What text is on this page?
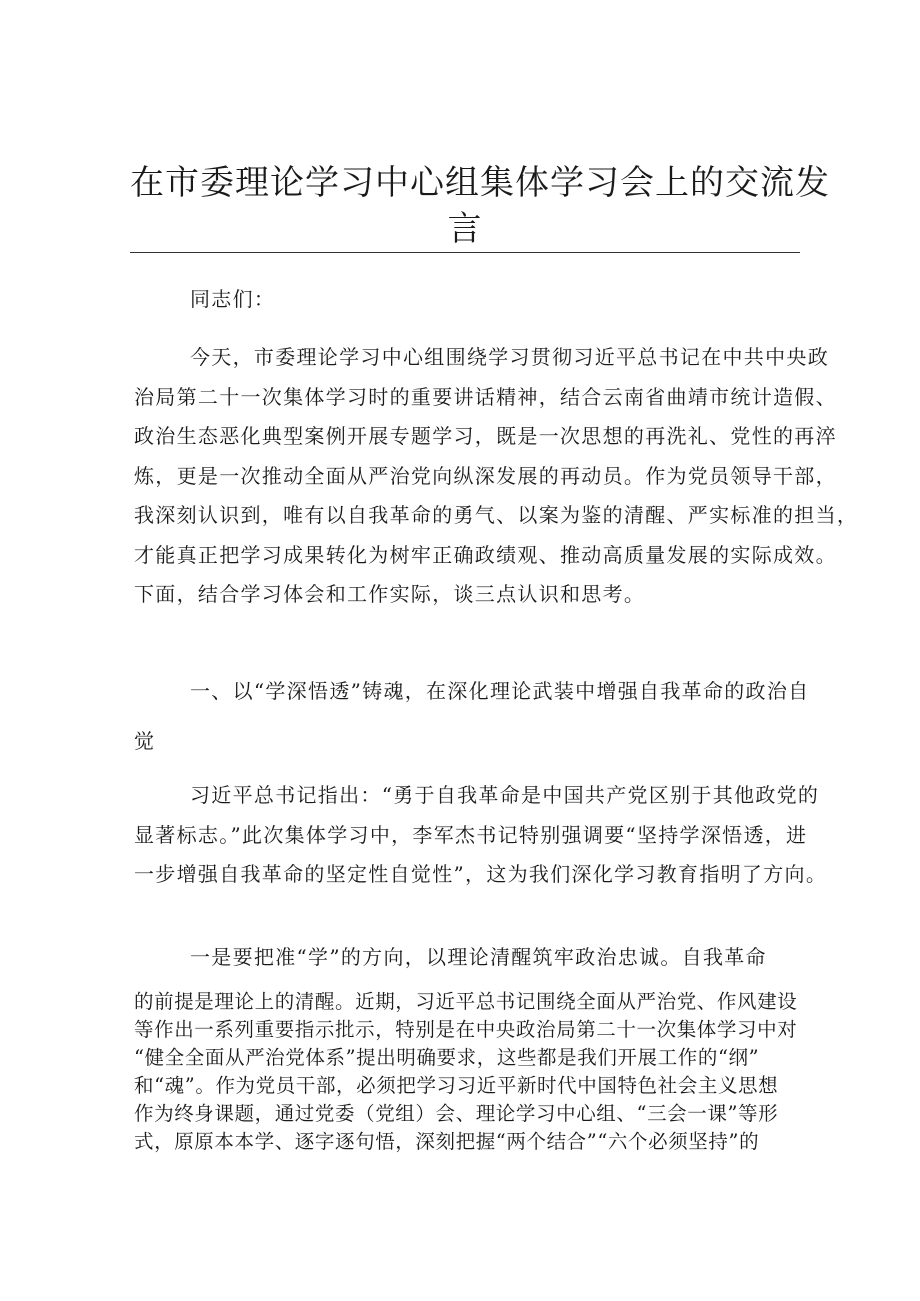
在市委理论学习中心组集体学习会上的交流发
言

同志们：

今天，市委理论学习中心组围绕学习贯彻习近平总书记在中共中央政
治局第二十一次集体学习时的重要讲话精神，结合云南省曲靖市统计造假、
政治生态恶化典型案例开展专题学习，既是一次思想的再洗礼、党性的再淬
炼，更是一次推动全面从严治党向纵深发展的再动员。作为党员领导干部，
我深刻认识到，唯有以自我革命的勇气、以案为鉴的清醒、严实标准的担当，
才能真正把学习成果转化为树牢正确政绩观、推动高质量发展的实际成效。
下面，结合学习体会和工作实际，谈三点认识和思考。

一、以“学深悟透”铸魂，在深化理论武装中增强自我革命的政治自
觉

习近平总书记指出：“勇于自我革命是中国共产党区别于其他政党的
显著标志。”此次集体学习中，李军杰书记特别强调要“坚持学深悟透，进
一步增强自我革命的坚定性自觉性”，这为我们深化学习教育指明了方向。

一是要把准“学”的方向，以理论清醒筑牢政治忠诚。自我革命

的前提是理论上的清醒。近期，习近平总书记围绕全面从严治党、作风建设
等作出一系列重要指示批示，特别是在中央政治局第二十一次集体学习中对
“健全全面从严治党体系”提出明确要求，这些都是我们开展工作的“纲”
和“魂”。作为党员干部，必须把学习习近平新时代中国特色社会主义思想
作为终身课题，通过党委（党组）会、理论学习中心组、“三会一课”等形
式，原原本本学、逐字逐句悟，深刻把握“两个结合”“六个必须坚持”的
